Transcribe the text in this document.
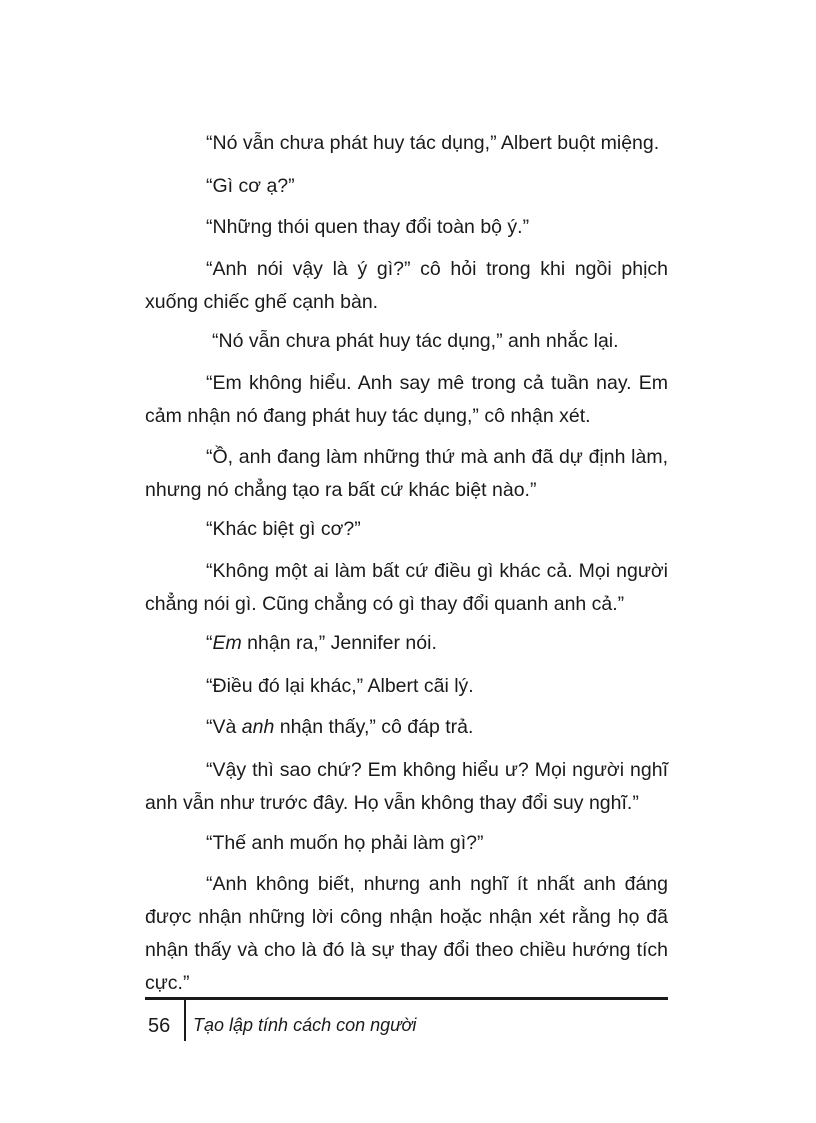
“Nó vẫn chưa phát huy tác dụng,” Albert buột miệng.

“Gì cơ ạ?”

“Những thói quen thay đổi toàn bộ ý.”

“Anh nói vậy là ý gì?” cô hỏi trong khi ngồi phịch xuống chiếc ghế cạnh bàn.

“Nó vẫn chưa phát huy tác dụng,” anh nhắc lại.

“Em không hiểu. Anh say mê trong cả tuần nay. Em cảm nhận nó đang phát huy tác dụng,” cô nhận xét.

“Ồ, anh đang làm những thứ mà anh đã dự định làm, nhưng nó chẳng tạo ra bất cứ khác biệt nào.”

“Khác biệt gì cơ?”

“Không một ai làm bất cứ điều gì khác cả. Mọi người chẳng nói gì. Cũng chẳng có gì thay đổi quanh anh cả.”

“Em nhận ra,” Jennifer nói.

“Điều đó lại khác,” Albert cãi lý.

“Và anh nhận thấy,” cô đáp trả.

“Vậy thì sao chứ? Em không hiểu ư? Mọi người nghĩ anh vẫn như trước đây. Họ vẫn không thay đổi suy nghĩ.”

“Thế anh muốn họ phải làm gì?”

“Anh không biết, nhưng anh nghĩ ít nhất anh đáng được nhận những lời công nhận hoặc nhận xét rằng họ đã nhận thấy và cho là đó là sự thay đổi theo chiều hướng tích cực.”

56 Tạo lập tính cách con người
